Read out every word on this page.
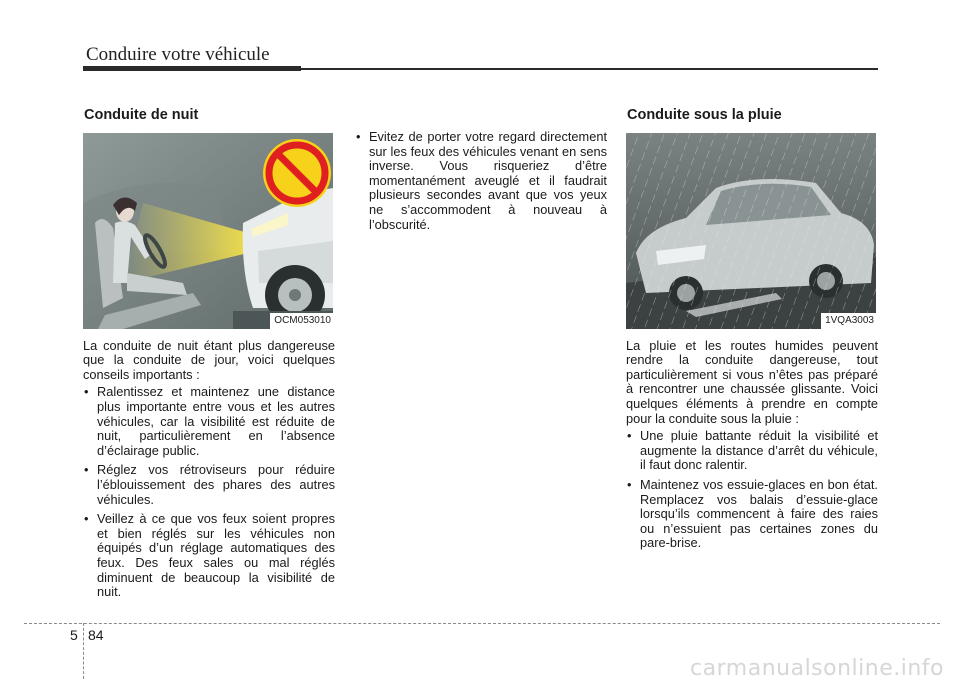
Conduire votre véhicule
Conduite de nuit
OCM053010

La conduite de nuit étant plus dangereuse que la conduite de jour, voici quelques conseils importants :

• Ralentissez et maintenez une distance plus importante entre vous et les autres véhicules, car la visibilité est réduite de nuit, particulièrement en l’absence d’éclairage public.
• Réglez vos rétroviseurs pour réduire l’éblouissement des phares des autres véhicules.
• Veillez à ce que vos feux soient propres et bien réglés sur les véhicules non équipés d’un réglage automatiques des feux. Des feux sales ou mal réglés diminuent de beaucoup la visibilité de nuit.
• Evitez de porter votre regard directement sur les feux des véhicules venant en sens inverse. Vous risqueriez d’être momentanément aveuglé et il faudrait plusieurs secondes avant que vos yeux ne s’accommodent à nouveau à l’obscurité.
Conduite sous la pluie
1VQA3003

La pluie et les routes humides peuvent rendre la conduite dangereuse, tout particulièrement si vous n’êtes pas préparé à rencontrer une chaussée glissante. Voici quelques éléments à prendre en compte pour la conduite sous la pluie :

• Une pluie battante réduit la visibilité et augmente la distance d’arrêt du véhicule, il faut donc ralentir.
• Maintenez vos essuie-glaces en bon état. Remplacez vos balais d’essuie-glace lorsqu’ils commencent à faire des raies ou n’essuient pas certaines zones du pare-brise.
5 84
carmanualsonline.info
